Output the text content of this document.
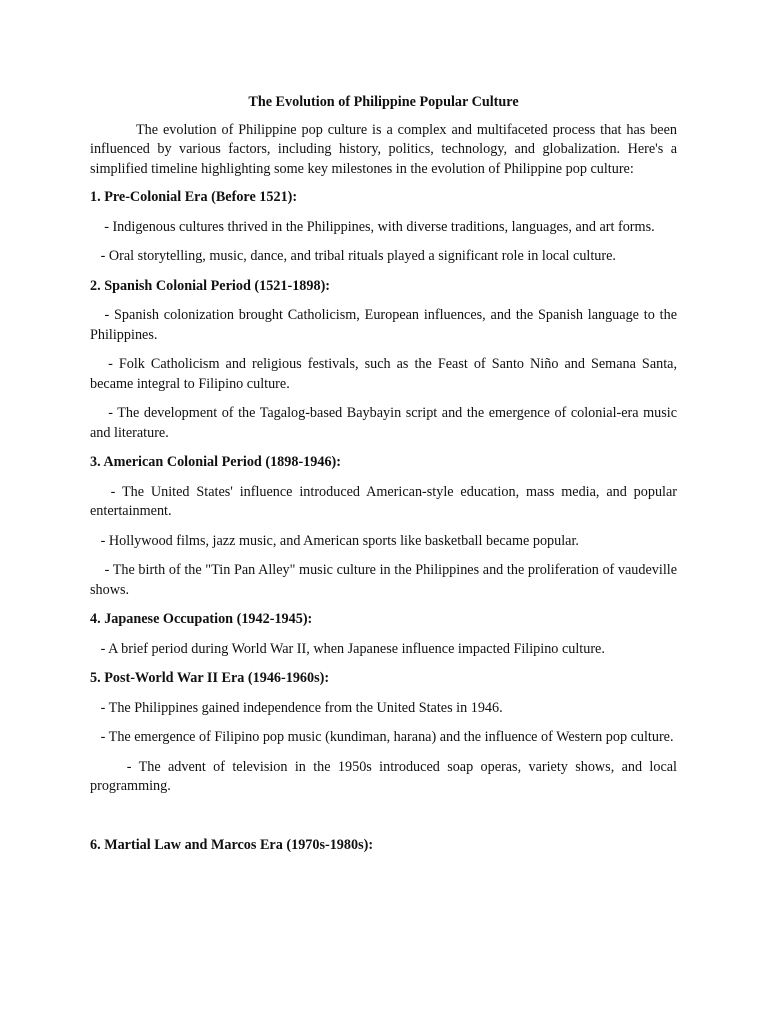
The Evolution of Philippine Popular Culture
The evolution of Philippine pop culture is a complex and multifaceted process that has been influenced by various factors, including history, politics, technology, and globalization. Here's a simplified timeline highlighting some key milestones in the evolution of Philippine pop culture:
1. Pre-Colonial Era (Before 1521):
- Indigenous cultures thrived in the Philippines, with diverse traditions, languages, and art forms.
- Oral storytelling, music, dance, and tribal rituals played a significant role in local culture.
2. Spanish Colonial Period (1521-1898):
- Spanish colonization brought Catholicism, European influences, and the Spanish language to the Philippines.
- Folk Catholicism and religious festivals, such as the Feast of Santo Niño and Semana Santa, became integral to Filipino culture.
- The development of the Tagalog-based Baybayin script and the emergence of colonial-era music and literature.
3. American Colonial Period (1898-1946):
- The United States' influence introduced American-style education, mass media, and popular entertainment.
- Hollywood films, jazz music, and American sports like basketball became popular.
- The birth of the "Tin Pan Alley" music culture in the Philippines and the proliferation of vaudeville shows.
4. Japanese Occupation (1942-1945):
- A brief period during World War II, when Japanese influence impacted Filipino culture.
5. Post-World War II Era (1946-1960s):
- The Philippines gained independence from the United States in 1946.
- The emergence of Filipino pop music (kundiman, harana) and the influence of Western pop culture.
- The advent of television in the 1950s introduced soap operas, variety shows, and local programming.
6. Martial Law and Marcos Era (1970s-1980s):
